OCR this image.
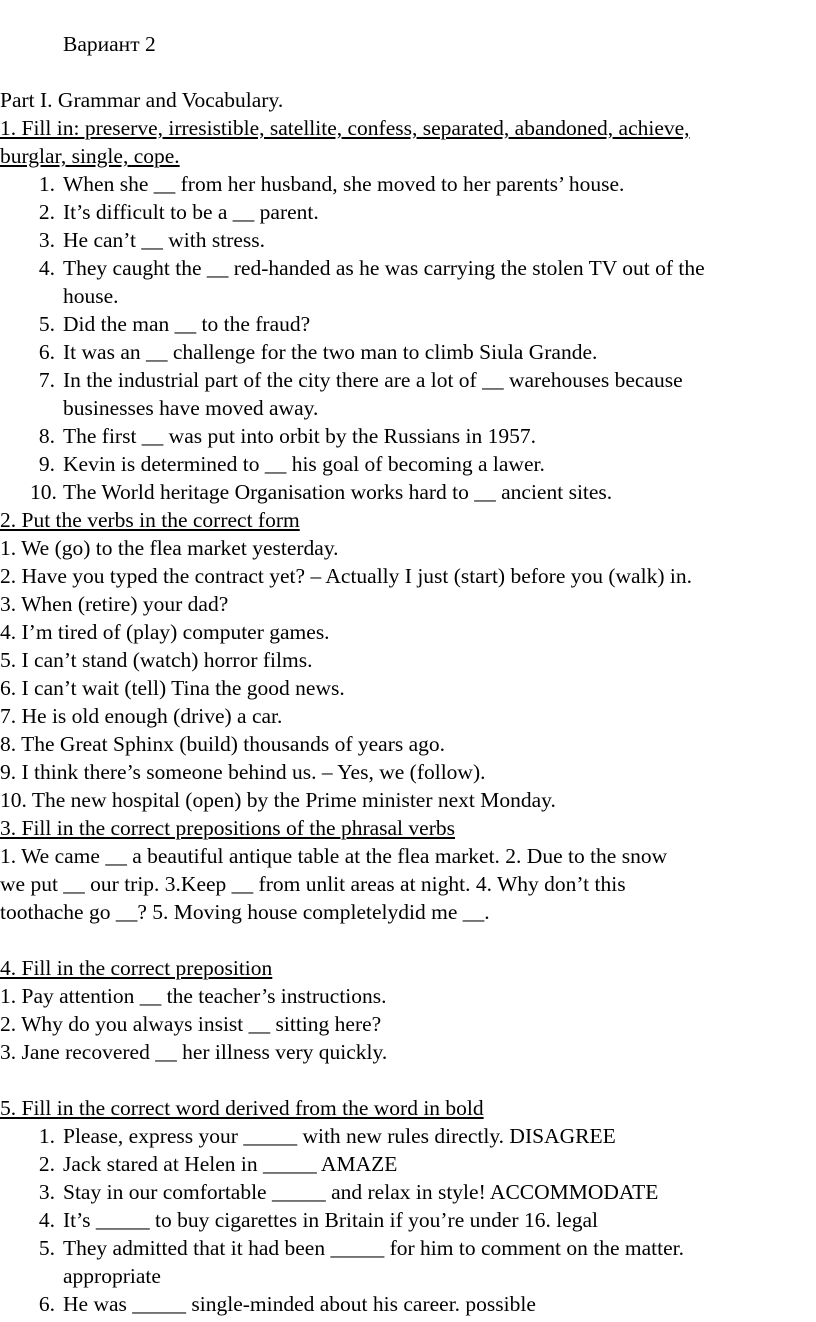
Вариант 2

Part I. Grammar and Vocabulary.

1. Fill in: preserve, irresistible, satellite, confess, separated, abandoned, achieve,

burglar, single, cope.

1. When she __ from her husband, she moved to her parents’ house.
2. It’s difficult to be a __ parent.
3. He can’t __ with stress.
4. They caught the __ red-handed as he was carrying the stolen TV out of the
house.
5. Did the man __ to the fraud?
6. It was an __ challenge for the two man to climb Siula Grande.
7. In the industrial part of the city there are a lot of __ warehouses because
businesses have moved away.
8. The first __ was put into orbit by the Russians in 1957.
9. Kevin is determined to __ his goal of becoming a lawer.
10. The World heritage Organisation works hard to __ ancient sites.

2. Put the verbs in the correct form

1. We (go) to the flea market yesterday.

2. Have you typed the contract yet? – Actually I just (start) before you (walk) in.

3. When (retire) your dad?

4. I’m tired of (play) computer games.

5. I can’t stand (watch) horror films.

6. I can’t wait (tell) Tina the good news.

7. He is old enough (drive) a car.

8. The Great Sphinx (build) thousands of years ago.

9. I think there’s someone behind us. – Yes, we (follow).

10. The new hospital (open) by the Prime minister next Monday.

3. Fill in the correct prepositions of the phrasal verbs

1. We came __ a beautiful antique table at the flea market. 2. Due to the snow
we put __ our trip. 3.Keep __ from unlit areas at night. 4. Why don’t this
toothache go __? 5. Moving house completelydid me __.

4. Fill in the correct preposition

1. Pay attention __ the teacher’s instructions.

2. Why do you always insist __ sitting here?

3. Jane recovered __ her illness very quickly.

5. Fill in the correct word derived from the word in bold

1. Please, express your _____ with new rules directly. DISAGREE
2. Jack stared at Helen in _____ AMAZE
3. Stay in our comfortable _____ and relax in style! ACCOMMODATE
4. It’s _____ to buy cigarettes in Britain if you’re under 16. legal
5. They admitted that it had been _____ for him to comment on the matter.
appropriate
6. He was _____ single-minded about his career. possible
